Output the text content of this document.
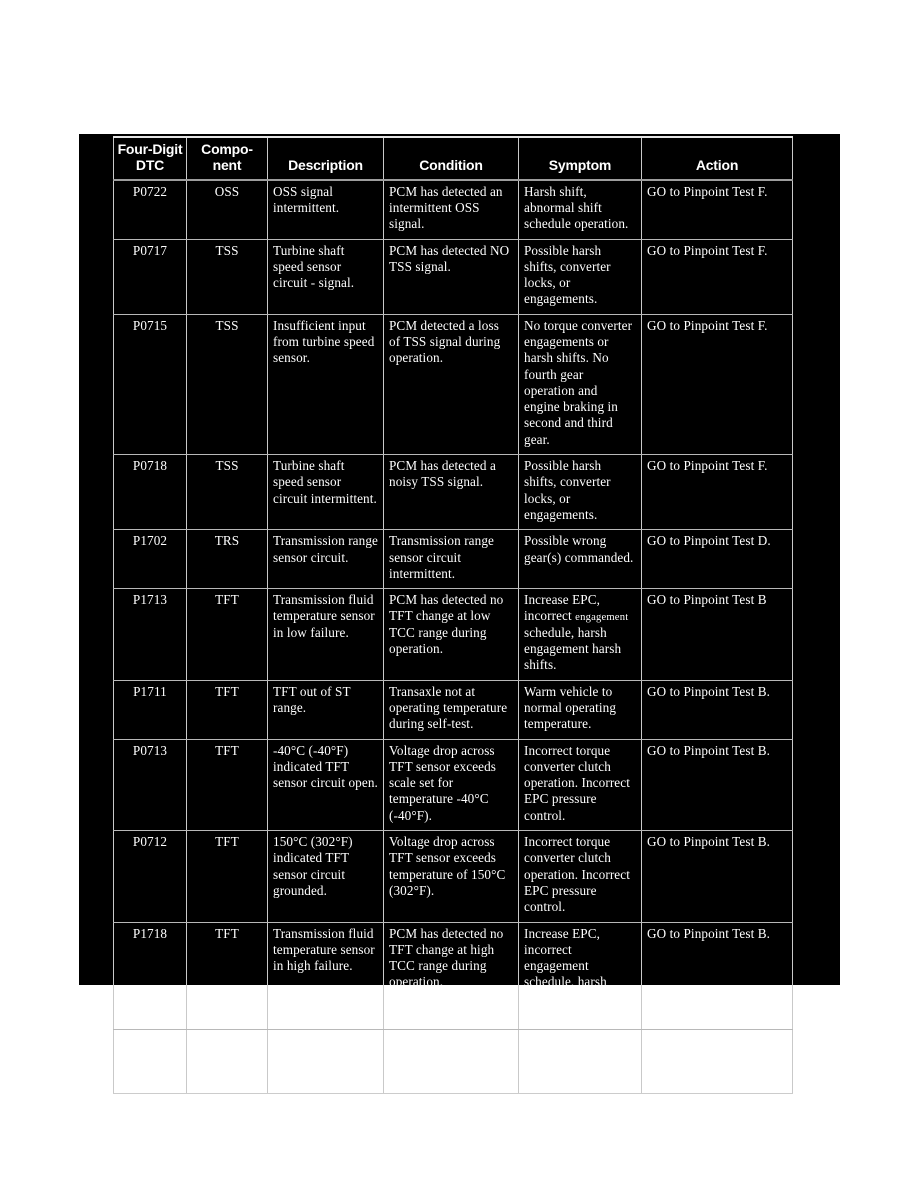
Four-Digit
DTC	Compo-
nent	Description	Condition	Symptom	Action
P0722	OSS	OSS signal intermittent.	PCM has detected an intermittent OSS signal.	Harsh shift, abnormal shift schedule operation.	GO to Pinpoint Test F.
P0717	TSS	Turbine shaft speed sensor circuit - signal.	PCM has detected NO TSS signal.	Possible harsh shifts, converter locks, or engagements.	GO to Pinpoint Test F.
P0715	TSS	Insufficient input from turbine speed sensor.	PCM detected a loss of TSS signal during operation.	No torque converter engagements or harsh shifts. No fourth gear operation and engine braking in second and third gear.	GO to Pinpoint Test F.
P0718	TSS	Turbine shaft speed sensor circuit intermittent.	PCM has detected a noisy TSS signal.	Possible harsh shifts, converter locks, or engagements.	GO to Pinpoint Test F.
P1702	TRS	Transmission range sensor circuit.	Transmission range sensor circuit intermittent.	Possible wrong gear(s) commanded.	GO to Pinpoint Test D.
P1713	TFT	Transmission fluid temperature sensor in low failure.	PCM has detected no TFT change at low TCC range during operation.	Increase EPC, incorrect engagement schedule, harsh engagement harsh shifts.	GO to Pinpoint Test B
P1711	TFT	TFT out of ST range.	Transaxle not at operating temperature during self-test.	Warm vehicle to normal operating temperature.	GO to Pinpoint Test B.
P0713	TFT	-40°C (-40°F) indicated TFT sensor circuit open.	Voltage drop across TFT sensor exceeds scale set for temperature -40°C (-40°F).	Incorrect torque converter clutch operation. Incorrect EPC pressure control.	GO to Pinpoint Test B.
P0712	TFT	150°C (302°F) indicated TFT sensor circuit grounded.	Voltage drop across TFT sensor exceeds temperature of 150°C (302°F).	Incorrect torque converter clutch operation. Incorrect EPC pressure control.	GO to Pinpoint Test B.
P1718	TFT	Transmission fluid temperature sensor in high failure.	PCM has detected no TFT change at high TCC range during operation.	Increase EPC, incorrect engagement schedule, harsh engagement, harsh shifts.	GO to Pinpoint Test B.
P1636	Inductive signature clip	Inductive signature clip communication.			Refer to
Powertrain Management
